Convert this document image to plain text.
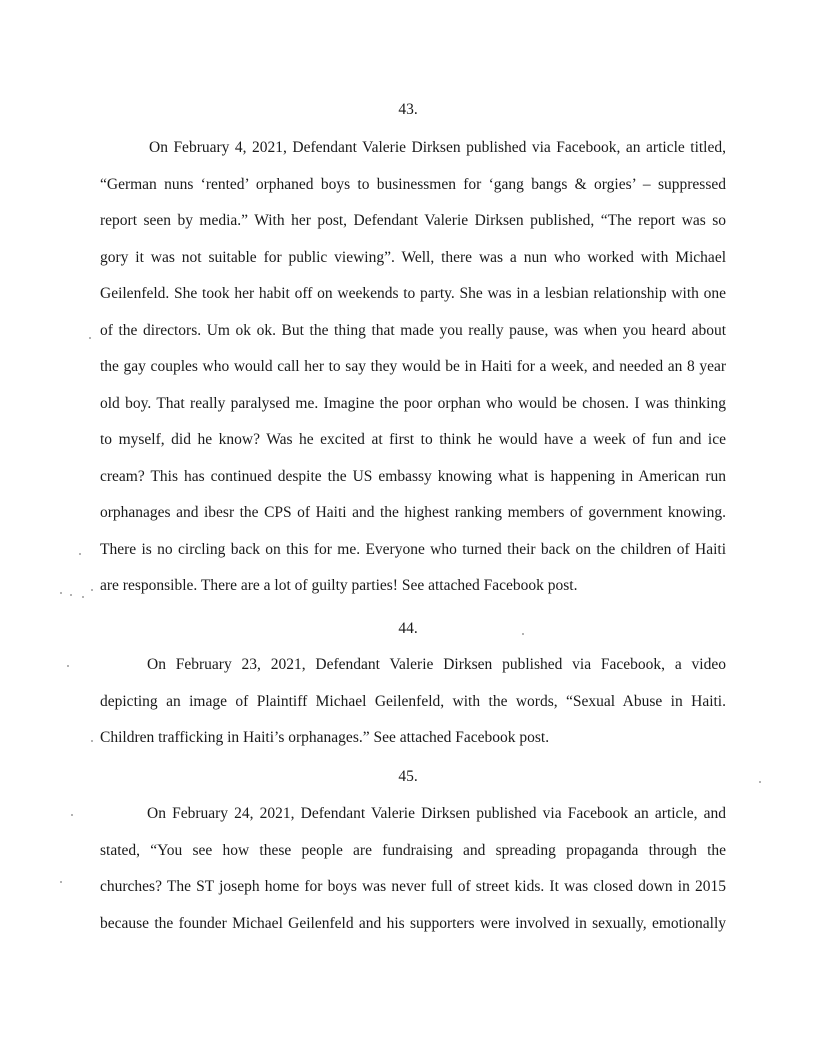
43.
On February 4, 2021, Defendant Valerie Dirksen published via Facebook, an article titled,
“German nuns ‘rented’ orphaned boys to businessmen for ‘gang bangs & orgies’ – suppressed
report seen by media.” With her post, Defendant Valerie Dirksen published, “The report was so
gory it was not suitable for public viewing”. Well, there was a nun who worked with Michael
Geilenfeld. She took her habit off on weekends to party. She was in a lesbian relationship with one
of the directors. Um ok ok. But the thing that made you really pause, was when you heard about
the gay couples who would call her to say they would be in Haiti for a week, and needed an 8 year
old boy. That really paralysed me. Imagine the poor orphan who would be chosen. I was thinking
to myself, did he know? Was he excited at first to think he would have a week of fun and ice
cream? This has continued despite the US embassy knowing what is happening in American run
orphanages and ibesr the CPS of Haiti and the highest ranking members of government knowing.
There is no circling back on this for me. Everyone who turned their back on the children of Haiti
are responsible. There are a lot of guilty parties! See attached Facebook post.
44.
On February 23, 2021, Defendant Valerie Dirksen published via Facebook, a video
depicting an image of Plaintiff Michael Geilenfeld, with the words, “Sexual Abuse in Haiti.
Children trafficking in Haiti’s orphanages.” See attached Facebook post.
45.
On February 24, 2021, Defendant Valerie Dirksen published via Facebook an article, and
stated, “You see how these people are fundraising and spreading propaganda through the
churches? The ST joseph home for boys was never full of street kids. It was closed down in 2015
because the founder Michael Geilenfeld and his supporters were involved in sexually, emotionally
